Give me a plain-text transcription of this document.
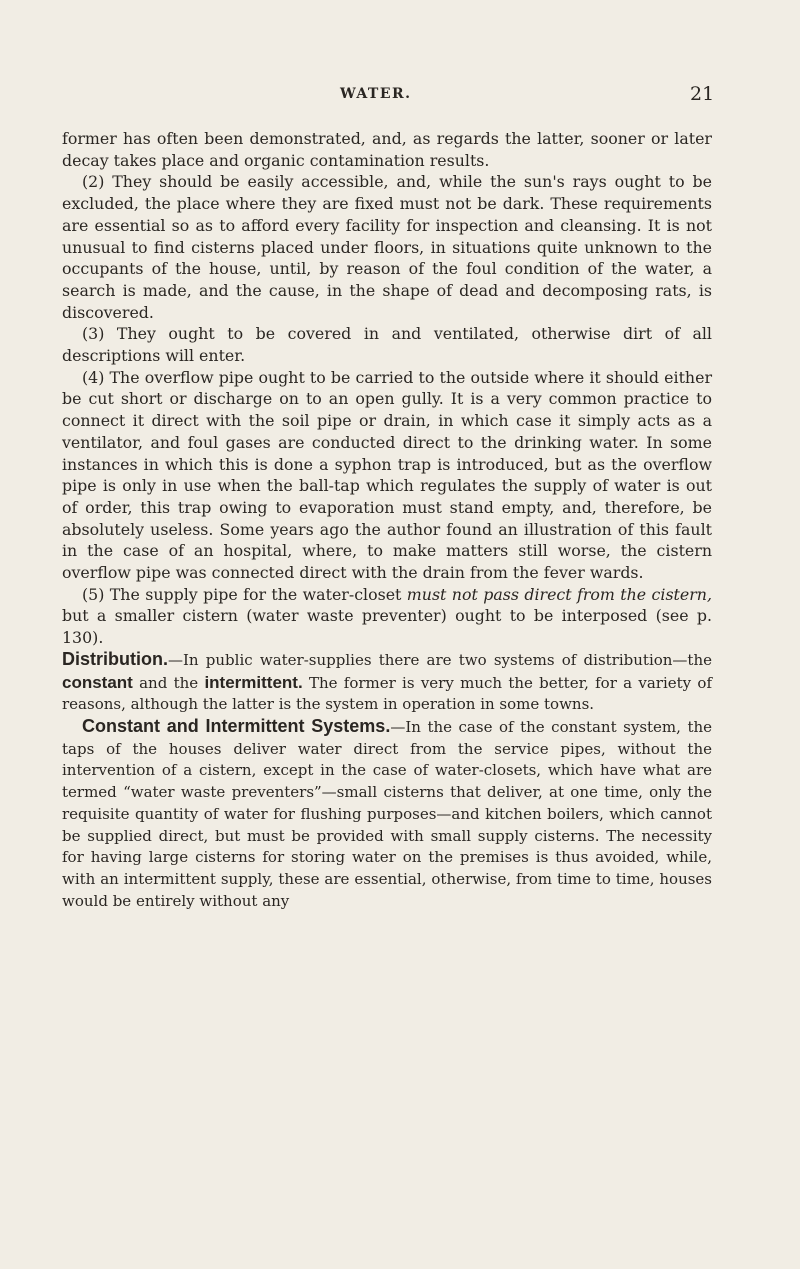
WATER.	21

former has often been demonstrated, and, as regards the latter, sooner or later decay takes place and organic contamination results.

(2) They should be easily accessible, and, while the sun's rays ought to be excluded, the place where they are fixed must not be dark. These requirements are essential so as to afford every facility for inspection and cleansing. It is not unusual to find cisterns placed under floors, in situations quite unknown to the occupants of the house, until, by reason of the foul condition of the water, a search is made, and the cause, in the shape of dead and decomposing rats, is discovered.

(3) They ought to be covered in and ventilated, otherwise dirt of all descriptions will enter.

(4) The overflow pipe ought to be carried to the outside where it should either be cut short or discharge on to an open gully. It is a very common practice to connect it direct with the soil pipe or drain, in which case it simply acts as a ventilator, and foul gases are conducted direct to the drinking water. In some instances in which this is done a syphon trap is introduced, but as the overflow pipe is only in use when the ball-tap which regulates the supply of water is out of order, this trap owing to evaporation must stand empty, and, therefore, be absolutely useless. Some years ago the author found an illustration of this fault in the case of an hospital, where, to make matters still worse, the cistern overflow pipe was connected direct with the drain from the fever wards.

(5) The supply pipe for the water-closet must not pass direct from the cistern, but a smaller cistern (water waste preventer) ought to be interposed (see p. 130).

Distribution.—In public water-supplies there are two systems of distribution—the constant and the intermittent. The former is very much the better, for a variety of reasons, although the latter is the system in operation in some towns.

Constant and Intermittent Systems.—In the case of the constant system, the taps of the houses deliver water direct from the service pipes, without the intervention of a cistern, except in the case of water-closets, which have what are termed “water waste preventers”—small cisterns that deliver, at one time, only the requisite quantity of water for flushing purposes—and kitchen boilers, which cannot be supplied direct, but must be provided with small supply cisterns. The necessity for having large cisterns for storing water on the premises is thus avoided, while, with an intermittent supply, these are essential, otherwise, from time to time, houses would be entirely without any
